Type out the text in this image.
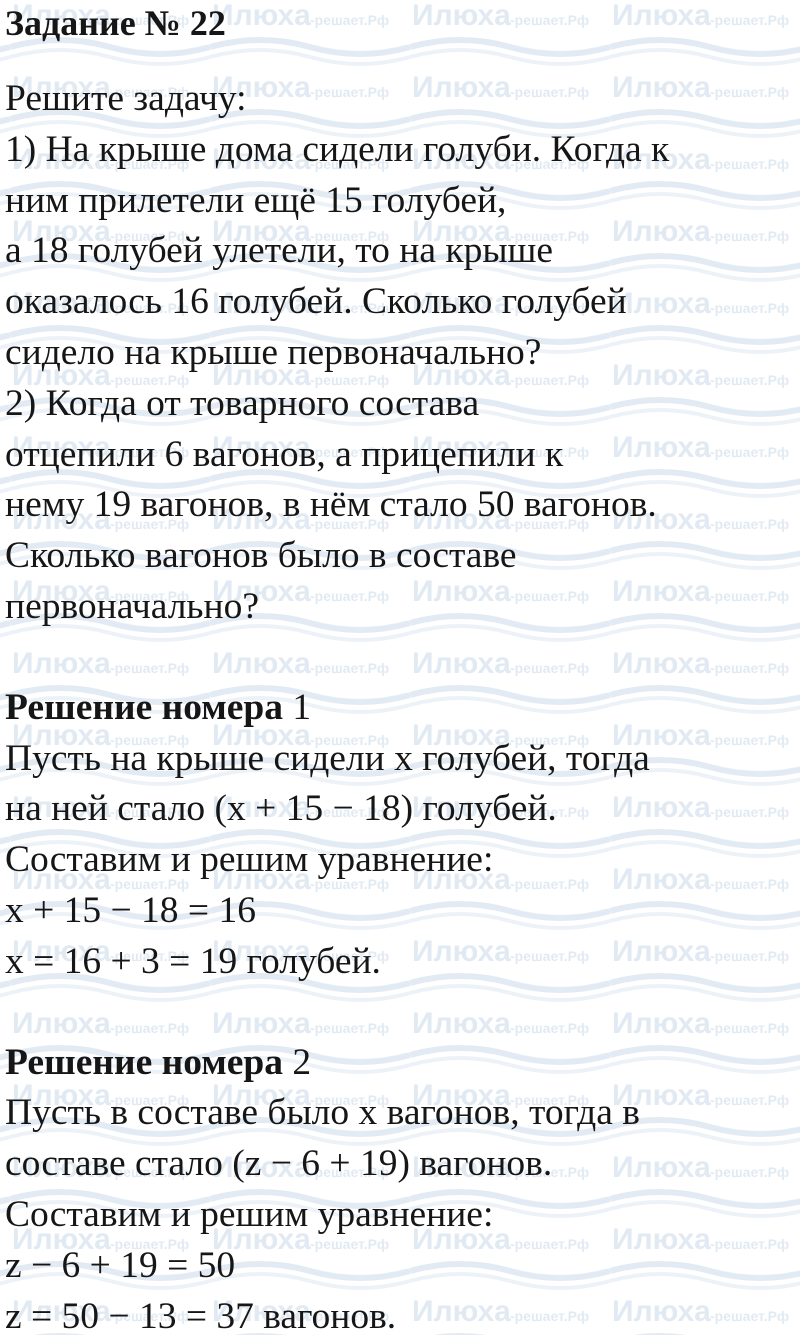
Задание № 22
Решите задачу:
1) На крыше дома сидели голуби. Когда к
ним прилетели ещё 15 голубей,
а 18 голубей улетели, то на крыше
оказалось 16 голубей. Сколько голубей
сидело на крыше первоначально?
2) Когда от товарного состава
отцепили 6 вагонов, а прицепили к
нему 19 вагонов, в нём стало 50 вагонов.
Сколько вагонов было в составе
первоначально?
Решение номера 1
Пусть на крыше сидели х голубей, тогда
на ней стало (х + 15 − 18) голубей.
Составим и решим уравнение:
х + 15 − 18 = 16
х = 16 + 3 = 19 голубей.
Решение номера 2
Пусть в составе было х вагонов, тогда в
составе стало (z − 6 + 19) вагонов.
Составим и решим уравнение:
z − 6 + 19 = 50
z = 50 − 13 = 37 вагонов.
